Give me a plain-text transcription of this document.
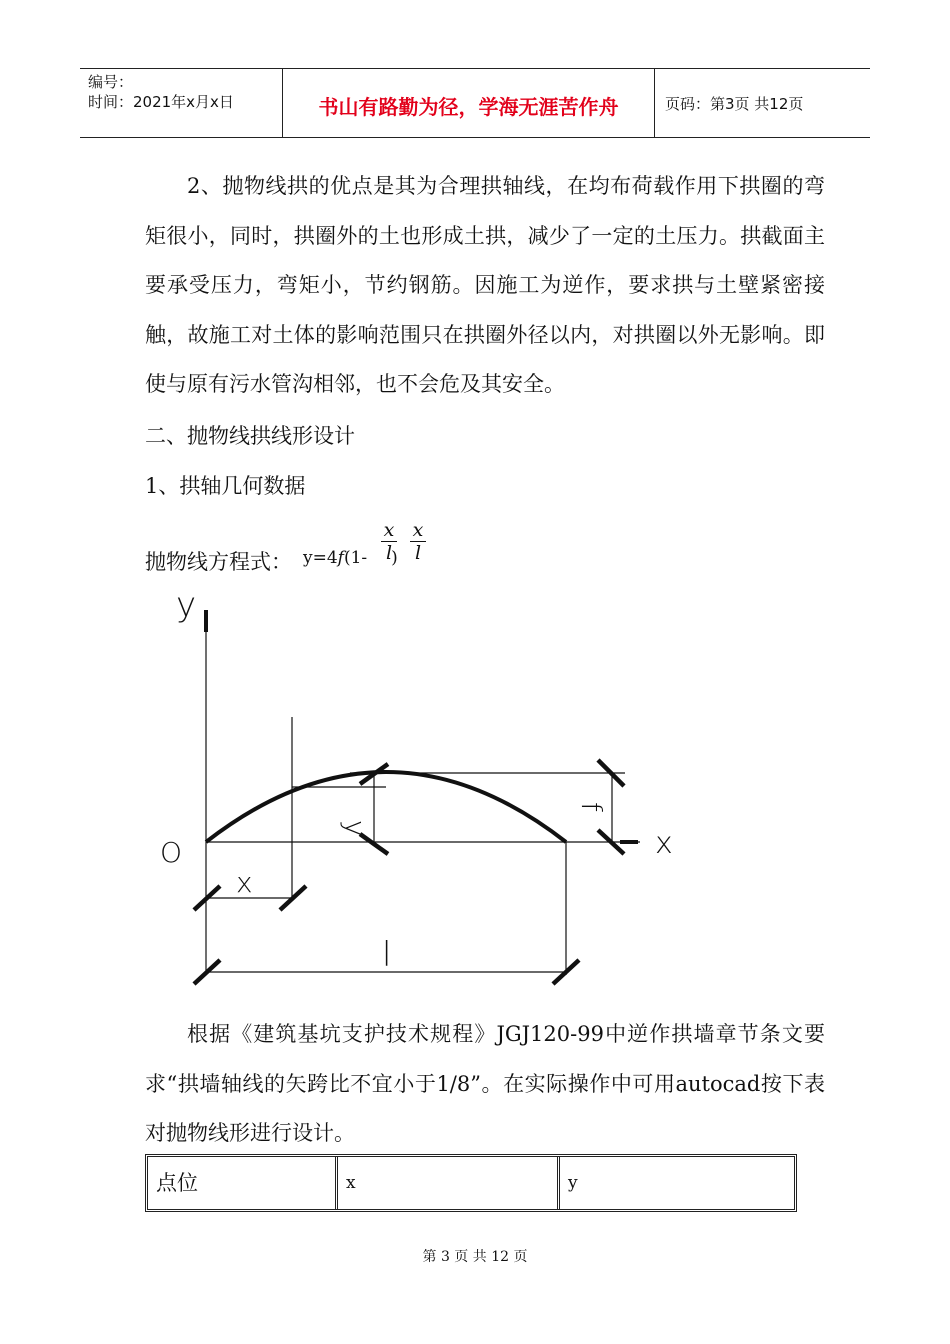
编号：
时间：2021年x月x日	书山有路勤为径，学海无涯苦作舟	页码：第3页 共12页

2、抛物线拱的优点是其为合理拱轴线，在均布荷载作用下拱圈的弯矩很小，同时，拱圈外的土也形成土拱，减少了一定的土压力。拱截面主要承受压力，弯矩小，节约钢筋。因施工为逆作，要求拱与土壁紧密接触，故施工对土体的影响范围只在拱圈外径以内，对拱圈以外无影响。即使与原有污水管沟相邻，也不会危及其安全。

二、抛物线拱线形设计

1、拱轴几何数据

抛物线方程式： y=4f(1- )
x
l
x
l
y
x
O
x
y
f
l

根据《建筑基坑支护技术规程》JGJ120-99中逆作拱墙章节条文要求“拱墙轴线的矢跨比不宜小于1/8”。在实际操作中可用autocad按下表对抛物线形进行设计。

点位	x	y
第 3 页 共 12 页
